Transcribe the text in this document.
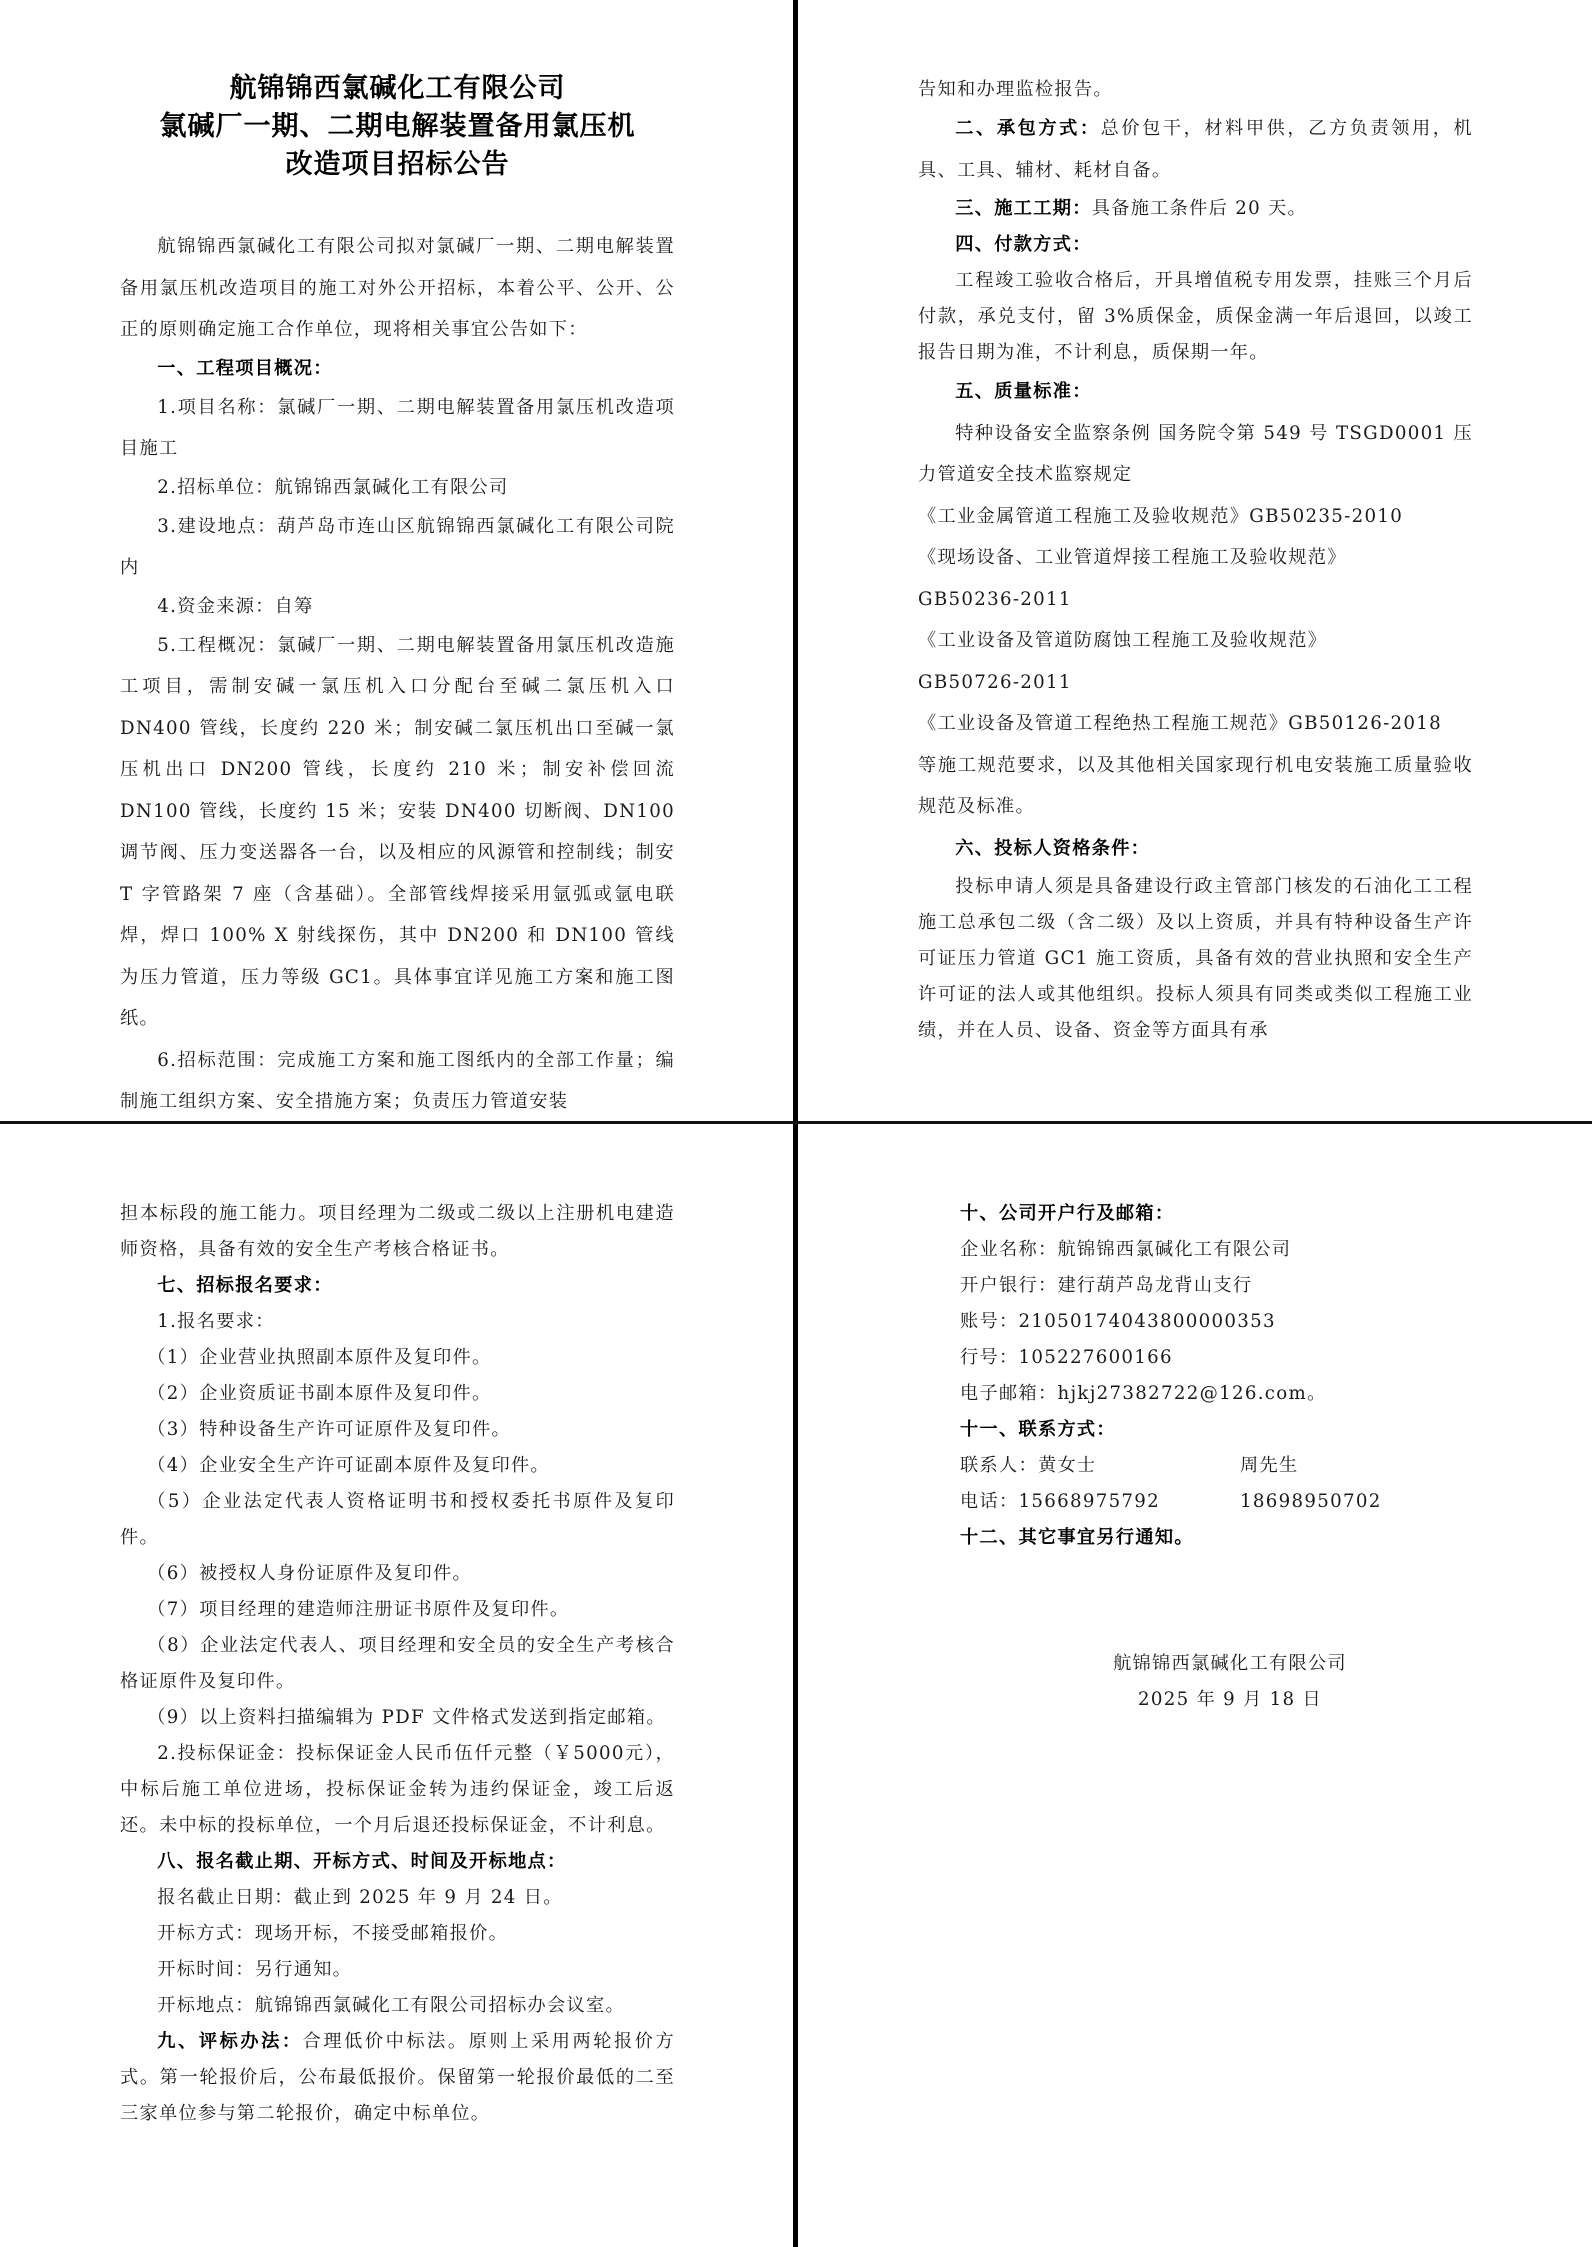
航锦锦西氯碱化工有限公司
氯碱厂一期、二期电解装置备用氯压机
改造项目招标公告

航锦锦西氯碱化工有限公司拟对氯碱厂一期、二期电解装置备用氯压机改造项目的施工对外公开招标，本着公平、公开、公正的原则确定施工合作单位，现将相关事宜公告如下：

一、工程项目概况：

1.项目名称：氯碱厂一期、二期电解装置备用氯压机改造项目施工

2.招标单位：航锦锦西氯碱化工有限公司

3.建设地点：葫芦岛市连山区航锦锦西氯碱化工有限公司院内

4.资金来源：自筹

5.工程概况：氯碱厂一期、二期电解装置备用氯压机改造施工项目，需制安碱一氯压机入口分配台至碱二氯压机入口 DN400 管线，长度约 220 米；制安碱二氯压机出口至碱一氯压机出口 DN200 管线，长度约 210 米；制安补偿回流 DN100 管线，长度约 15 米；安装 DN400 切断阀、DN100 调节阀、压力变送器各一台，以及相应的风源管和控制线；制安 T 字管路架 7 座（含基础）。全部管线焊接采用氩弧或氩电联焊，焊口 100% X 射线探伤，其中 DN200 和 DN100 管线为压力管道，压力等级 GC1。具体事宜详见施工方案和施工图纸。

6.招标范围：完成施工方案和施工图纸内的全部工作量；编制施工组织方案、安全措施方案；负责压力管道安装

告知和办理监检报告。

二、承包方式：总价包干，材料甲供，乙方负责领用，机具、工具、辅材、耗材自备。

三、施工工期：具备施工条件后 20 天。

四、付款方式：

工程竣工验收合格后，开具增值税专用发票，挂账三个月后付款，承兑支付，留 3%质保金，质保金满一年后退回，以竣工报告日期为准，不计利息，质保期一年。

五、质量标准：

特种设备安全监察条例 国务院令第 549 号 TSGD0001 压力管道安全技术监察规定

《工业金属管道工程施工及验收规范》GB50235-2010

《现场设备、工业管道焊接工程施工及验收规范》

GB50236-2011

《工业设备及管道防腐蚀工程施工及验收规范》

GB50726-2011

《工业设备及管道工程绝热工程施工规范》GB50126-2018

等施工规范要求，以及其他相关国家现行机电安装施工质量验收规范及标准。

六、投标人资格条件：

投标申请人须是具备建设行政主管部门核发的石油化工工程施工总承包二级（含二级）及以上资质，并具有特种设备生产许可证压力管道 GC1 施工资质，具备有效的营业执照和安全生产许可证的法人或其他组织。投标人须具有同类或类似工程施工业绩，并在人员、设备、资金等方面具有承

担本标段的施工能力。项目经理为二级或二级以上注册机电建造师资格，具备有效的安全生产考核合格证书。

七、招标报名要求：

1.报名要求：

（1）企业营业执照副本原件及复印件。

（2）企业资质证书副本原件及复印件。

（3）特种设备生产许可证原件及复印件。

（4）企业安全生产许可证副本原件及复印件。

（5）企业法定代表人资格证明书和授权委托书原件及复印件。

（6）被授权人身份证原件及复印件。

（7）项目经理的建造师注册证书原件及复印件。

（8）企业法定代表人、项目经理和安全员的安全生产考核合格证原件及复印件。

（9）以上资料扫描编辑为 PDF 文件格式发送到指定邮箱。

2.投标保证金：投标保证金人民币伍仟元整（￥5000元），中标后施工单位进场，投标保证金转为违约保证金，竣工后返还。未中标的投标单位，一个月后退还投标保证金，不计利息。

八、报名截止期、开标方式、时间及开标地点：

报名截止日期：截止到 2025 年 9 月 24 日。

开标方式：现场开标，不接受邮箱报价。

开标时间：另行通知。

开标地点：航锦锦西氯碱化工有限公司招标办会议室。

九、评标办法：合理低价中标法。原则上采用两轮报价方式。第一轮报价后，公布最低报价。保留第一轮报价最低的二至三家单位参与第二轮报价，确定中标单位。

十、公司开户行及邮箱：

企业名称：航锦锦西氯碱化工有限公司

开户银行：建行葫芦岛龙背山支行

账号：21050174043800000353

行号：105227600166

电子邮箱：hjkj27382722@126.com。

十一、联系方式：

联系人：黄女士	周先生
电话：15668975792	18698950702

十二、其它事宜另行通知。

航锦锦西氯碱化工有限公司
2025 年 9 月 18 日
